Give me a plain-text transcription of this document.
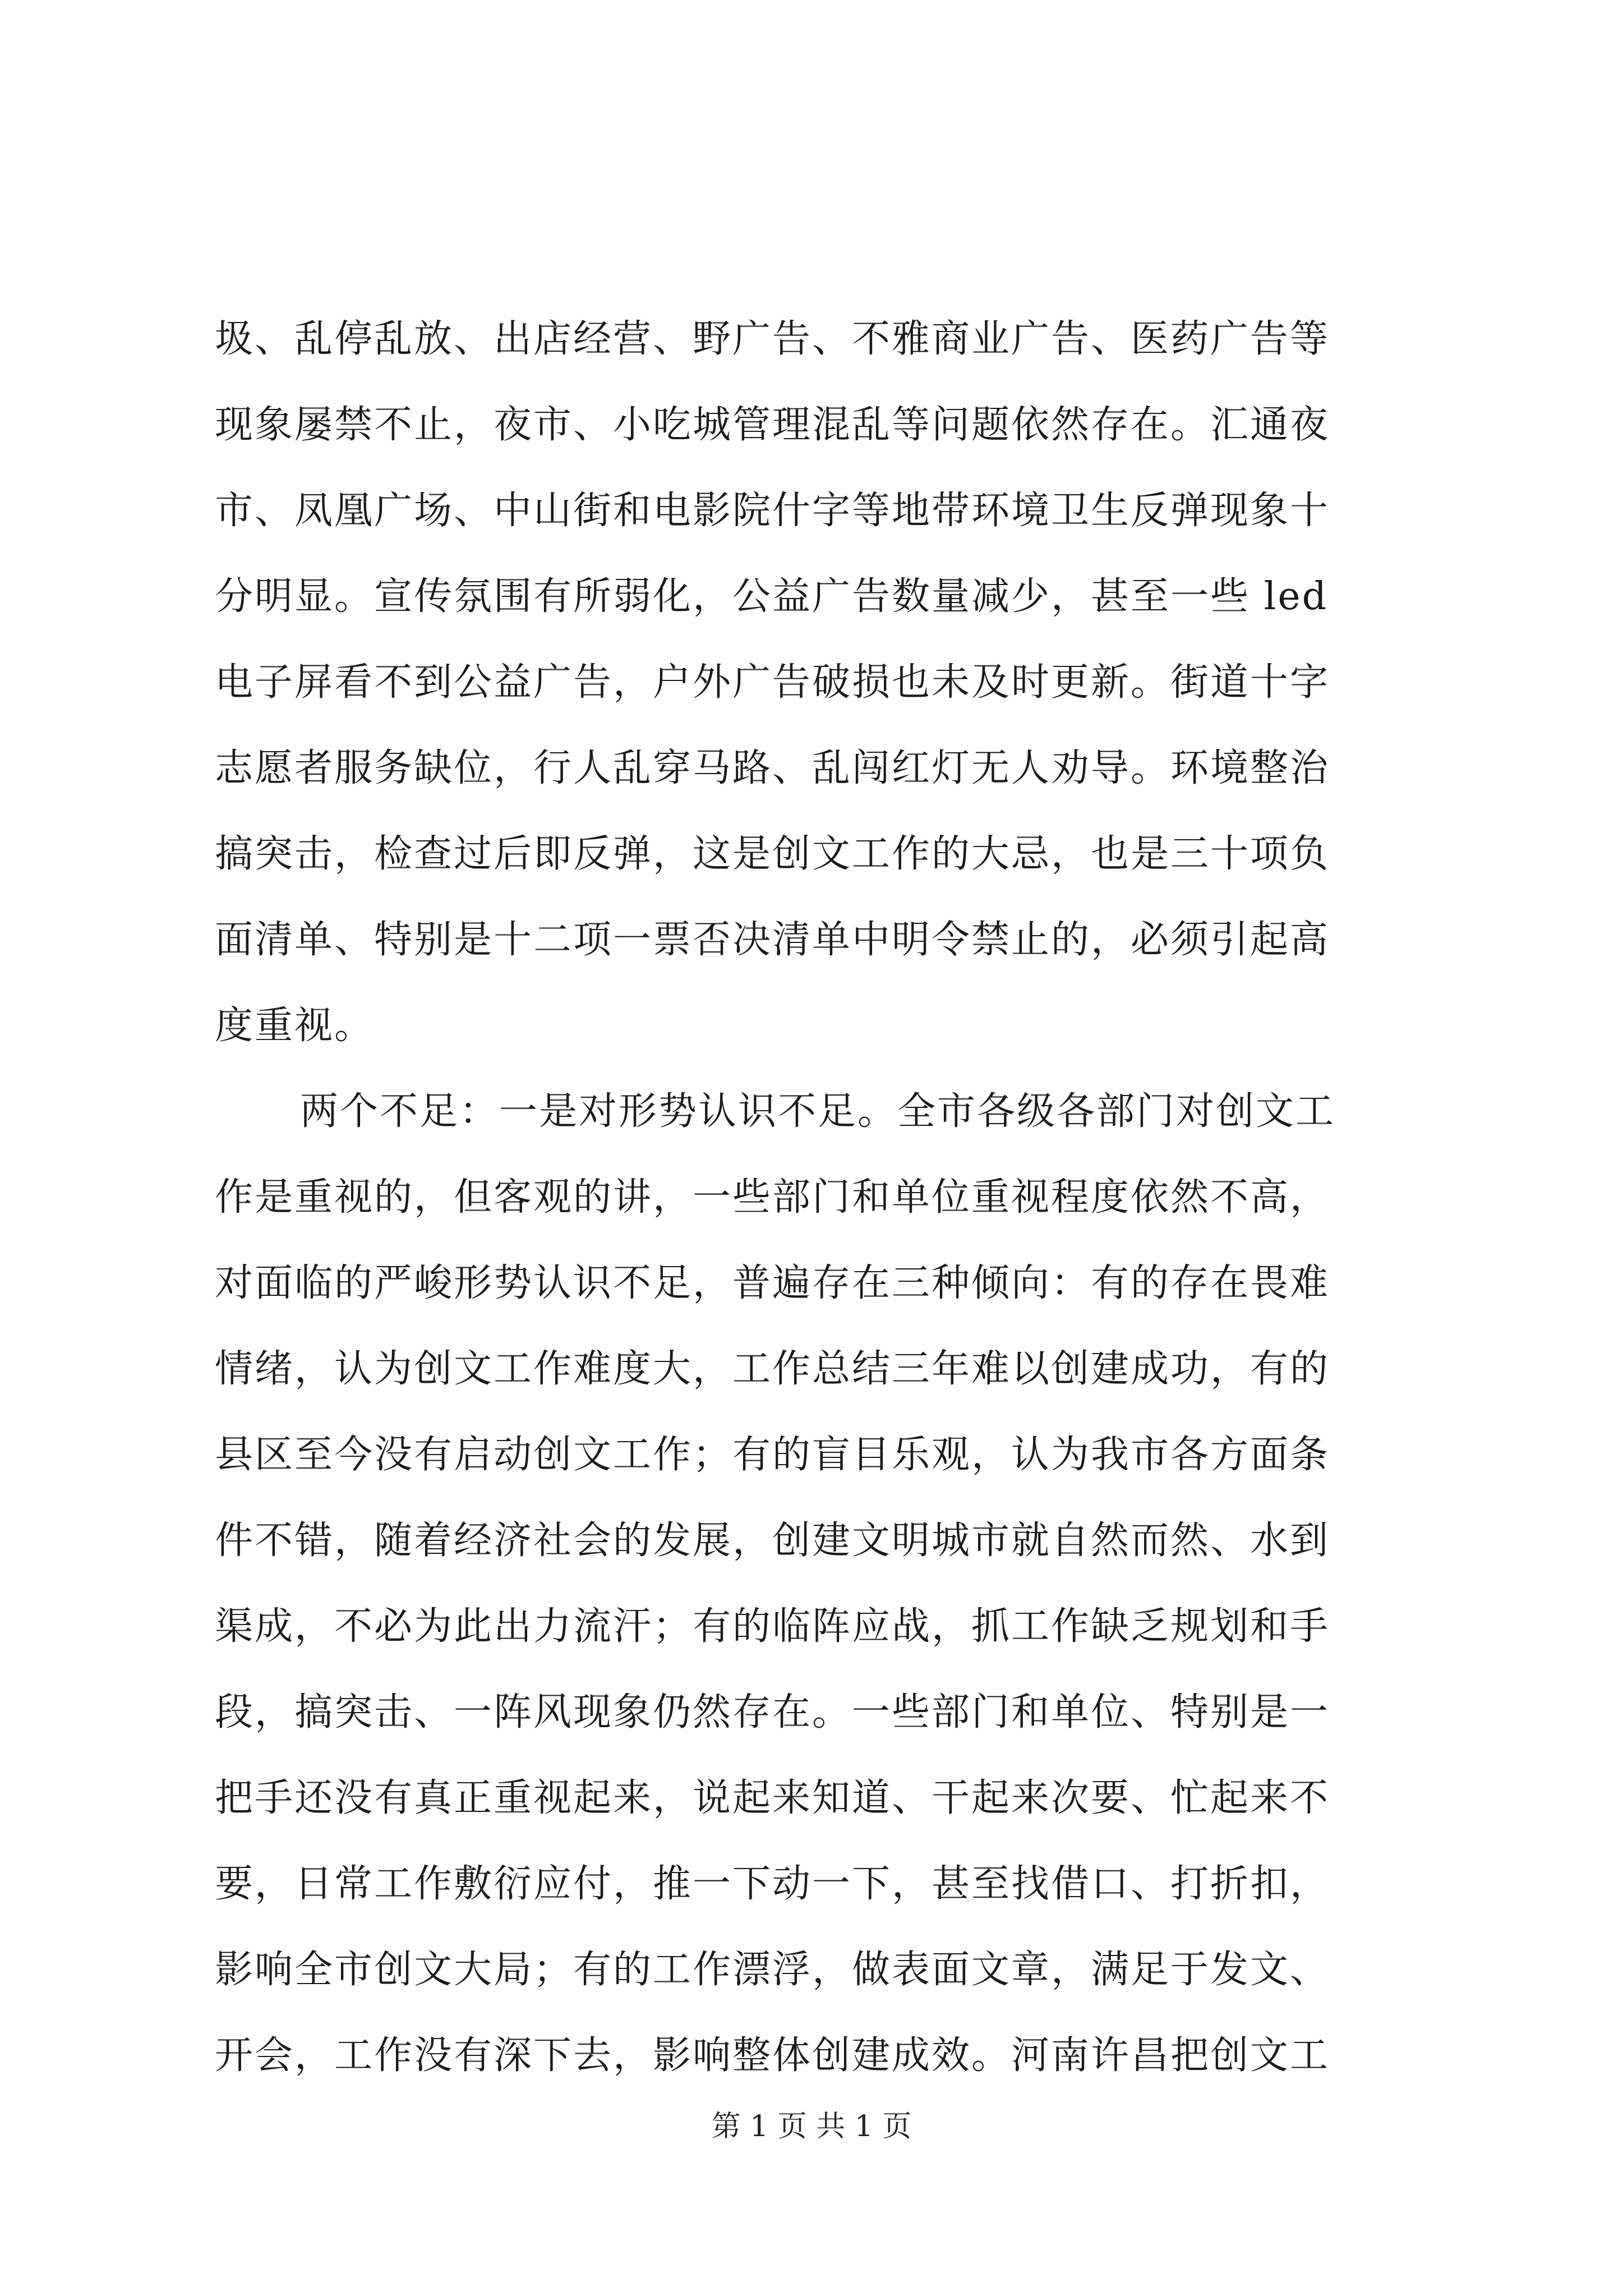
圾、乱停乱放、出店经营、野广告、不雅商业广告、医药广告等
现象屡禁不止，夜市、小吃城管理混乱等问题依然存在。汇通夜
市、凤凰广场、中山街和电影院什字等地带环境卫生反弹现象十
分明显。宣传氛围有所弱化，公益广告数量减少，甚至一些 led
电子屏看不到公益广告，户外广告破损也未及时更新。街道十字
志愿者服务缺位，行人乱穿马路、乱闯红灯无人劝导。环境整治
搞突击，检查过后即反弹，这是创文工作的大忌，也是三十项负
面清单、特别是十二项一票否决清单中明令禁止的，必须引起高
度重视。
两个不足：一是对形势认识不足。全市各级各部门对创文工
作是重视的，但客观的讲，一些部门和单位重视程度依然不高，
对面临的严峻形势认识不足，普遍存在三种倾向：有的存在畏难
情绪，认为创文工作难度大，工作总结三年难以创建成功，有的
县区至今没有启动创文工作；有的盲目乐观，认为我市各方面条
件不错，随着经济社会的发展，创建文明城市就自然而然、水到
渠成，不必为此出力流汗；有的临阵应战，抓工作缺乏规划和手
段，搞突击、一阵风现象仍然存在。一些部门和单位、特别是一
把手还没有真正重视起来，说起来知道、干起来次要、忙起来不
要，日常工作敷衍应付，推一下动一下，甚至找借口、打折扣，
影响全市创文大局；有的工作漂浮，做表面文章，满足于发文、
开会，工作没有深下去，影响整体创建成效。河南许昌把创文工
第 1 页 共 1 页
